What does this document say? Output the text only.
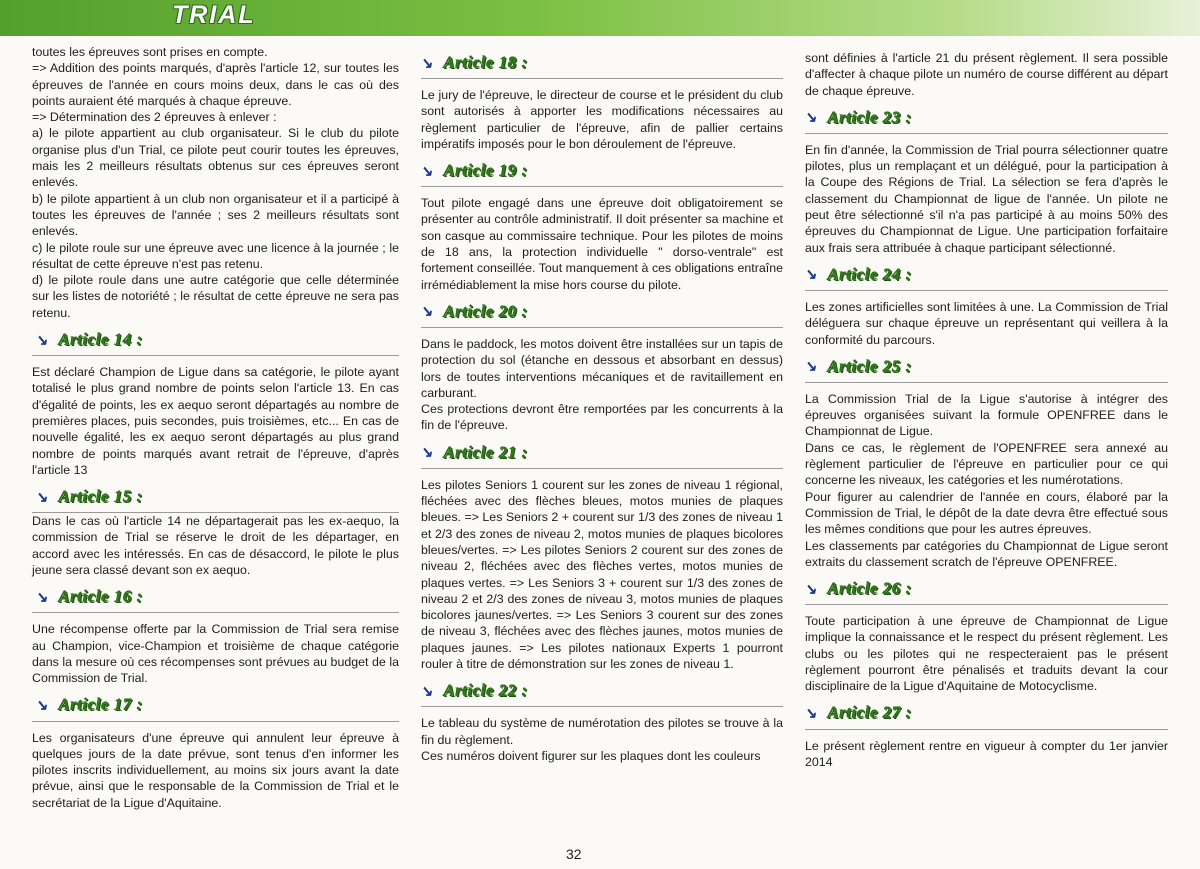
TRIAL

toutes les épreuves sont prises en compte.

=> Addition des points marqués, d'après l'article 12, sur toutes les épreuves de l'année en cours moins deux, dans le cas où des points auraient été marqués à chaque épreuve.

=> Détermination des 2 épreuves à enlever :

a) le pilote appartient au club organisateur. Si le club du pilote organise plus d'un Trial, ce pilote peut courir toutes les épreuves, mais les 2 meilleurs résultats obtenus sur ces épreuves seront enlevés.

b) le pilote appartient à un club non organisateur et il a participé à toutes les épreuves de l'année ; ses 2 meilleurs résultats sont enlevés.

c) le pilote roule sur une épreuve avec une licence à la journée ; le résultat de cette épreuve n'est pas retenu.

d) le pilote roule dans une autre catégorie que celle déterminée sur les listes de notoriété ; le résultat de cette épreuve ne sera pas retenu.

↘ Article 14 :

Est déclaré Champion de Ligue dans sa catégorie, le pilote ayant totalisé le plus grand nombre de points selon l'article 13. En cas d'égalité de points, les ex aequo seront départagés au nombre de premières places, puis secondes, puis troisièmes, etc... En cas de nouvelle égalité, les ex aequo seront départagés au plus grand nombre de points marqués avant retrait de l'épreuve, d'après l'article 13

↘ Article 15 :

Dans le cas où l'article 14 ne départagerait pas les ex-aequo, la commission de Trial se réserve le droit de les départager, en accord avec les intéressés. En cas de désaccord, le pilote le plus jeune sera classé devant son ex aequo.

↘ Article 16 :

Une récompense offerte par la Commission de Trial sera remise au Champion, vice-Champion et troisième de chaque catégorie dans la mesure où ces récompenses sont prévues au budget de la Commission de Trial.

↘ Article 17 :

Les organisateurs d'une épreuve qui annulent leur épreuve à quelques jours de la date prévue, sont tenus d'en informer les pilotes inscrits individuellement, au moins six jours avant la date prévue, ainsi que le responsable de la Commission de Trial et le secrétariat de la Ligue d'Aquitaine.

↘ Article 18 :

Le jury de l'épreuve, le directeur de course et le président du club sont autorisés à apporter les modifications nécessaires au règlement particulier de l'épreuve, afin de pallier certains impératifs imposés pour le bon déroulement de l'épreuve.

↘ Article 19 :

Tout pilote engagé dans une épreuve doit obligatoirement se présenter au contrôle administratif. Il doit présenter sa machine et son casque au commissaire technique. Pour les pilotes de moins de 18 ans, la protection individuelle " dorso-ventrale" est fortement conseillée. Tout manquement à ces obligations entraîne irrémédiablement la mise hors course du pilote.

↘ Article 20 :

Dans le paddock, les motos doivent être installées sur un tapis de protection du sol (étanche en dessous et absorbant en dessus) lors de toutes interventions mécaniques et de ravitaillement en carburant.

Ces protections devront être remportées par les concurrents à la fin de l'épreuve.

↘ Article 21 :

Les pilotes Seniors 1 courent sur les zones de niveau 1 régional, fléchées avec des flèches bleues, motos munies de plaques bleues. => Les Seniors 2 + courent sur 1/3 des zones de niveau 1 et 2/3 des zones de niveau 2, motos munies de plaques bicolores bleues/vertes. => Les pilotes Seniors 2 courent sur des zones de niveau 2, fléchées avec des flèches vertes, motos munies de plaques vertes. => Les Seniors 3 + courent sur 1/3 des zones de niveau 2 et 2/3 des zones de niveau 3, motos munies de plaques bicolores jaunes/vertes. => Les Seniors 3 courent sur des zones de niveau 3, fléchées avec des flèches jaunes, motos munies de plaques jaunes. => Les pilotes nationaux Experts 1 pourront rouler à titre de démonstration sur les zones de niveau 1.

↘ Article 22 :

Le tableau du système de numérotation des pilotes se trouve à la fin du règlement.

Ces numéros doivent figurer sur les plaques dont les couleurs

sont définies à l'article 21 du présent règlement. Il sera possible d'affecter à chaque pilote un numéro de course différent au départ de chaque épreuve.

↘ Article 23 :

En fin d'année, la Commission de Trial pourra sélectionner quatre pilotes, plus un remplaçant et un délégué, pour la participation à la Coupe des Régions de Trial. La sélection se fera d'après le classement du Championnat de ligue de l'année. Un pilote ne peut être sélectionné s'il n'a pas participé à au moins 50% des épreuves du Championnat de Ligue. Une participation forfaitaire aux frais sera attribuée à chaque participant sélectionné.

↘ Article 24 :

Les zones artificielles sont limitées à une. La Commission de Trial déléguera sur chaque épreuve un représentant qui veillera à la conformité du parcours.

↘ Article 25 :

La Commission Trial de la Ligue s'autorise à intégrer des épreuves organisées suivant la formule OPENFREE dans le Championnat de Ligue.

Dans ce cas, le règlement de l'OPENFREE sera annexé au règlement particulier de l'épreuve en particulier pour ce qui concerne les niveaux, les catégories et les numérotations.

Pour figurer au calendrier de l'année en cours, élaboré par la Commission de Trial, le dépôt de la date devra être effectué sous les mêmes conditions que pour les autres épreuves.

Les classements par catégories du Championnat de Ligue seront extraits du classement scratch de l'épreuve OPENFREE.

↘ Article 26 :

Toute participation à une épreuve de Championnat de Ligue implique la connaissance et le respect du présent règlement. Les clubs ou les pilotes qui ne respecteraient pas le présent règlement pourront être pénalisés et traduits devant la cour disciplinaire de la Ligue d'Aquitaine de Motocyclisme.

↘ Article 27 :

Le présent règlement rentre en vigueur à compter du 1er janvier 2014

32
